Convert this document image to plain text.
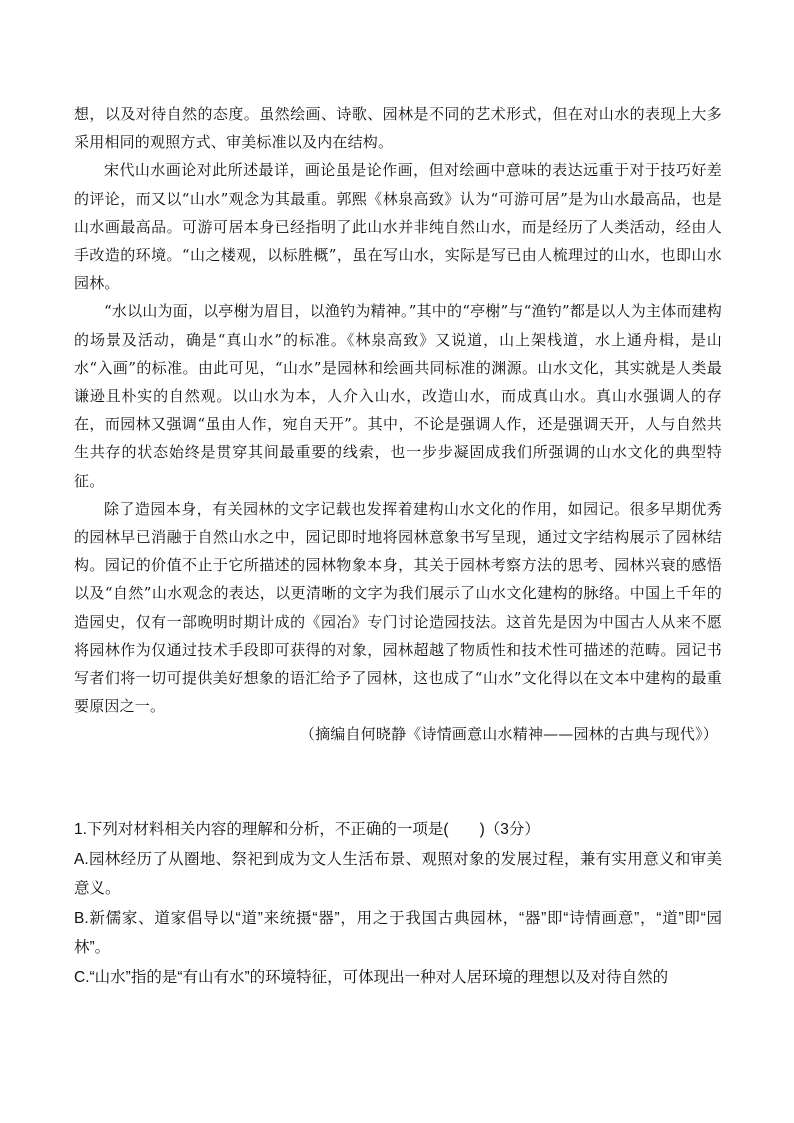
想，以及对待自然的态度。虽然绘画、诗歌、园林是不同的艺术形式，但在对山水的表现上大多采用相同的观照方式、审美标准以及内在结构。

宋代山水画论对此所述最详，画论虽是论作画，但对绘画中意味的表达远重于对于技巧好差的评论，而又以“山水”观念为其最重。郭熙《林泉高致》认为“可游可居”是为山水最高品，也是山水画最高品。可游可居本身已经指明了此山水并非纯自然山水，而是经历了人类活动，经由人手改造的环境。“山之楼观，以标胜概”，虽在写山水，实际是写已由人梳理过的山水，也即山水园林。

“水以山为面，以亭榭为眉目，以渔钓为精神。”其中的“亭榭”与“渔钓”都是以人为主体而建构的场景及活动，确是“真山水”的标准。《林泉高致》又说道，山上架栈道，水上通舟楫，是山水“入画”的标准。由此可见，“山水”是园林和绘画共同标准的渊源。山水文化，其实就是人类最谦逊且朴实的自然观。以山水为本，人介入山水，改造山水，而成真山水。真山水强调人的存在，而园林又强调“虽由人作，宛自天开”。其中，不论是强调人作，还是强调天开，人与自然共生共存的状态始终是贯穿其间最重要的线索，也一步步凝固成我们所强调的山水文化的典型特征。

除了造园本身，有关园林的文字记载也发挥着建构山水文化的作用，如园记。很多早期优秀的园林早已消融于自然山水之中，园记即时地将园林意象书写呈现，通过文字结构展示了园林结构。园记的价值不止于它所描述的园林物象本身，其关于园林考察方法的思考、园林兴衰的感悟以及“自然”山水观念的表达，以更清晰的文字为我们展示了山水文化建构的脉络。中国上千年的造园史，仅有一部晚明时期计成的《园冶》专门讨论造园技法。这首先是因为中国古人从来不愿将园林作为仅通过技术手段即可获得的对象，园林超越了物质性和技术性可描述的范畴。园记书写者们将一切可提供美好想象的语汇给予了园林，这也成了“山水”文化得以在文本中建构的最重要原因之一。

（摘编自何晓静《诗情画意山水精神——园林的古典与现代》）

1.下列对材料相关内容的理解和分析，不正确的一项是(　　)（3分）

A.园林经历了从圈地、祭祀到成为文人生活布景、观照对象的发展过程，兼有实用意义和审美意义。

B.新儒家、道家倡导以“道”来统摄“器”，用之于我国古典园林，“器”即“诗情画意”，“道”即“园林”。

C.“山水”指的是“有山有水”的环境特征，可体现出一种对人居环境的理想以及对待自然的
